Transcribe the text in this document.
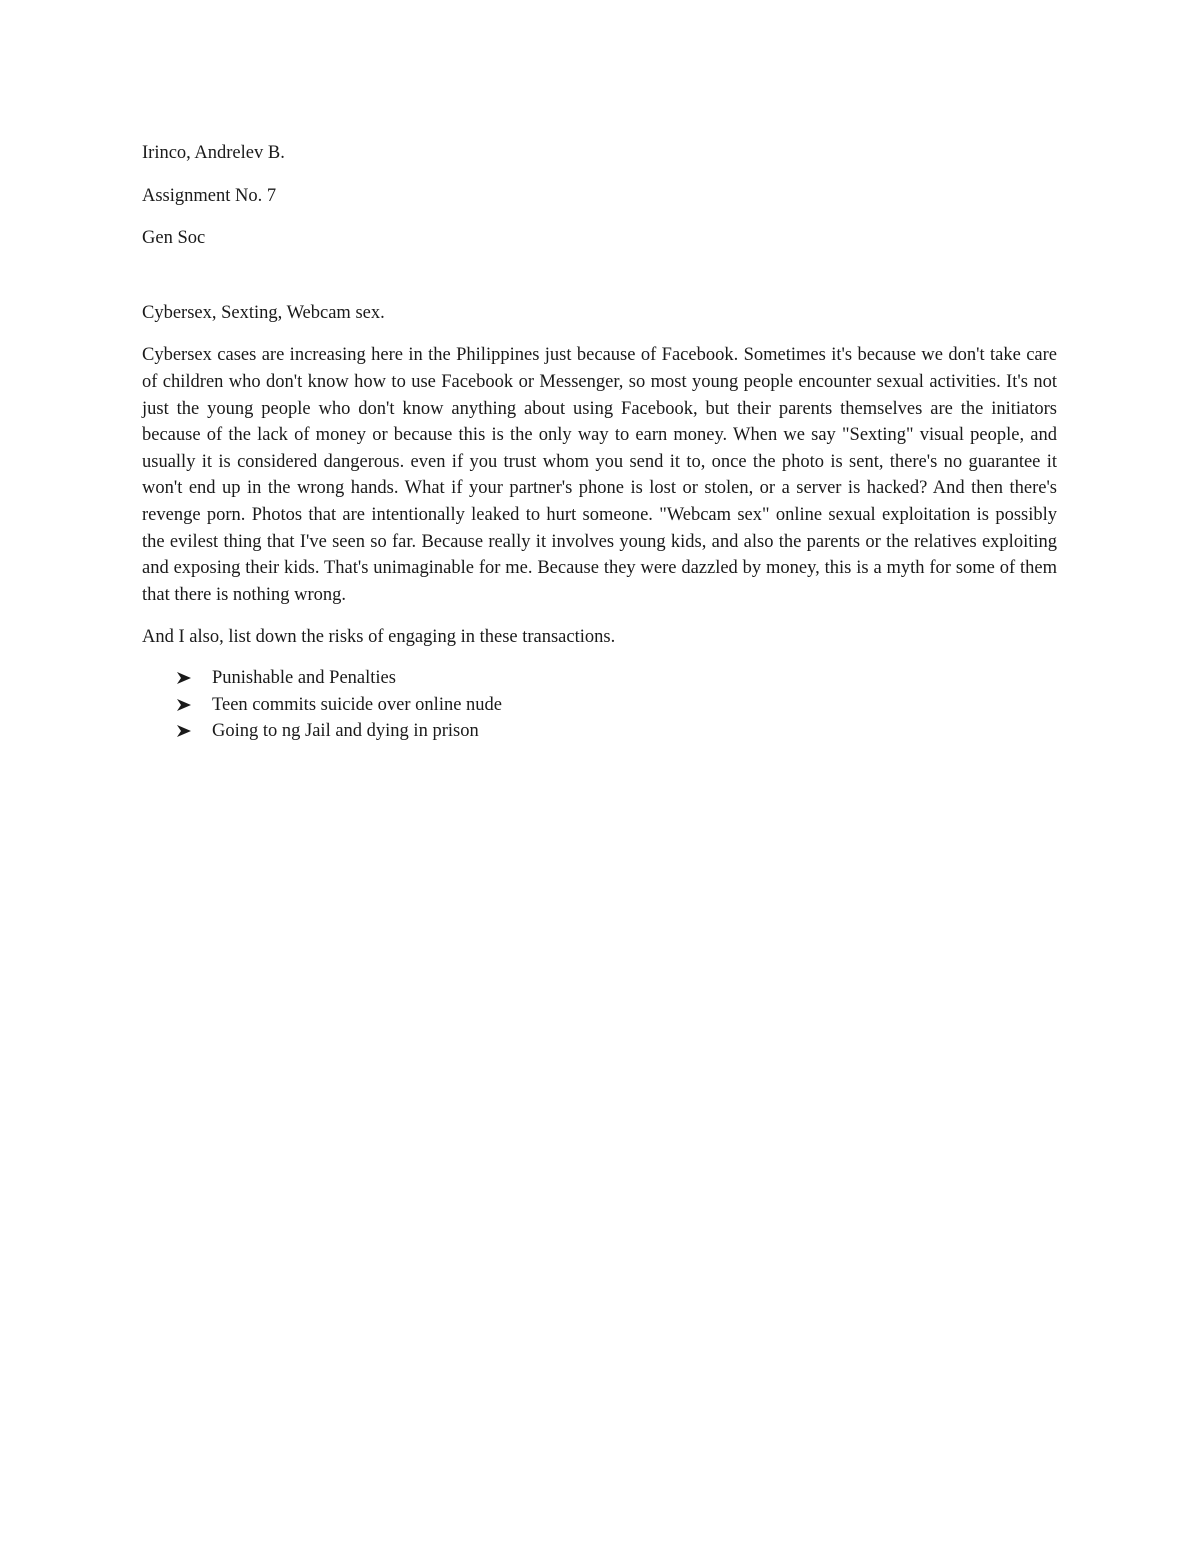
Irinco, Andrelev B.

Assignment No. 7

Gen Soc

Cybersex, Sexting, Webcam sex.

Cybersex cases are increasing here in the Philippines just because of Facebook. Sometimes it's because we don't take care of children who don't know how to use Facebook or Messenger, so most young people encounter sexual activities. It's not just the young people who don't know anything about using Facebook, but their parents themselves are the initiators because of the lack of money or because this is the only way to earn money. When we say "Sexting" visual people, and usually it is considered dangerous. even if you trust whom you send it to, once the photo is sent, there's no guarantee it won't end up in the wrong hands. What if your partner's phone is lost or stolen, or a server is hacked? And then there's revenge porn. Photos that are intentionally leaked to hurt someone. "Webcam sex" online sexual exploitation is possibly the evilest thing that I've seen so far. Because really it involves young kids, and also the parents or the relatives exploiting and exposing their kids. That's unimaginable for me. Because they were dazzled by money, this is a myth for some of them that there is nothing wrong.

And I also, list down the risks of engaging in these transactions.

Punishable and Penalties
Teen commits suicide over online nude
Going to ng Jail and dying in prison
